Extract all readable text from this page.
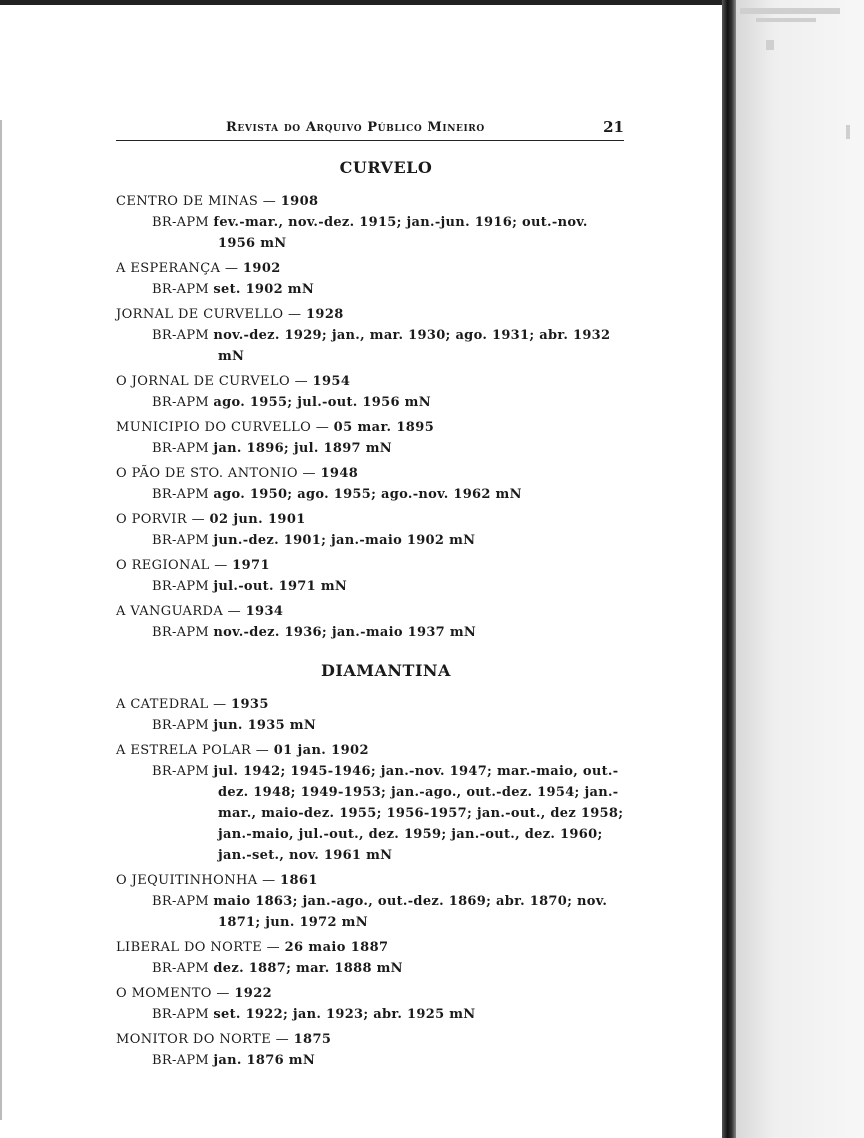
Revista do Arquivo Público Mineiro	21
CURVELO
CENTRO DE MINAS — 1908
BR-APM fev.-mar., nov.-dez. 1915; jan.-jun. 1916; out.-nov.
1956 mN
A ESPERANÇA — 1902
BR-APM set. 1902 mN
JORNAL DE CURVELLO — 1928
BR-APM nov.-dez. 1929; jan., mar. 1930; ago. 1931; abr. 1932
mN
O JORNAL DE CURVELO — 1954
BR-APM ago. 1955; jul.-out. 1956 mN
MUNICIPIO DO CURVELLO — 05 mar. 1895
BR-APM jan. 1896; jul. 1897 mN
O PÃO DE STO. ANTONIO — 1948
BR-APM ago. 1950; ago. 1955; ago.-nov. 1962 mN
O PORVIR — 02 jun. 1901
BR-APM jun.-dez. 1901; jan.-maio 1902 mN
O REGIONAL — 1971
BR-APM jul.-out. 1971 mN
A VANGUARDA — 1934
BR-APM nov.-dez. 1936; jan.-maio 1937 mN
DIAMANTINA
A CATEDRAL — 1935
BR-APM jun. 1935 mN
A ESTRELA POLAR — 01 jan. 1902
BR-APM jul. 1942; 1945-1946; jan.-nov. 1947; mar.-maio, out.-
dez. 1948; 1949-1953; jan.-ago., out.-dez. 1954; jan.-
mar., maio-dez. 1955; 1956-1957; jan.-out., dez 1958;
jan.-maio, jul.-out., dez. 1959; jan.-out., dez. 1960;
jan.-set., nov. 1961 mN
O JEQUITINHONHA — 1861
BR-APM maio 1863; jan.-ago., out.-dez. 1869; abr. 1870; nov.
1871; jun. 1972 mN
LIBERAL DO NORTE — 26 maio 1887
BR-APM dez. 1887; mar. 1888 mN
O MOMENTO — 1922
BR-APM set. 1922; jan. 1923; abr. 1925 mN
MONITOR DO NORTE — 1875
BR-APM jan. 1876 mN
